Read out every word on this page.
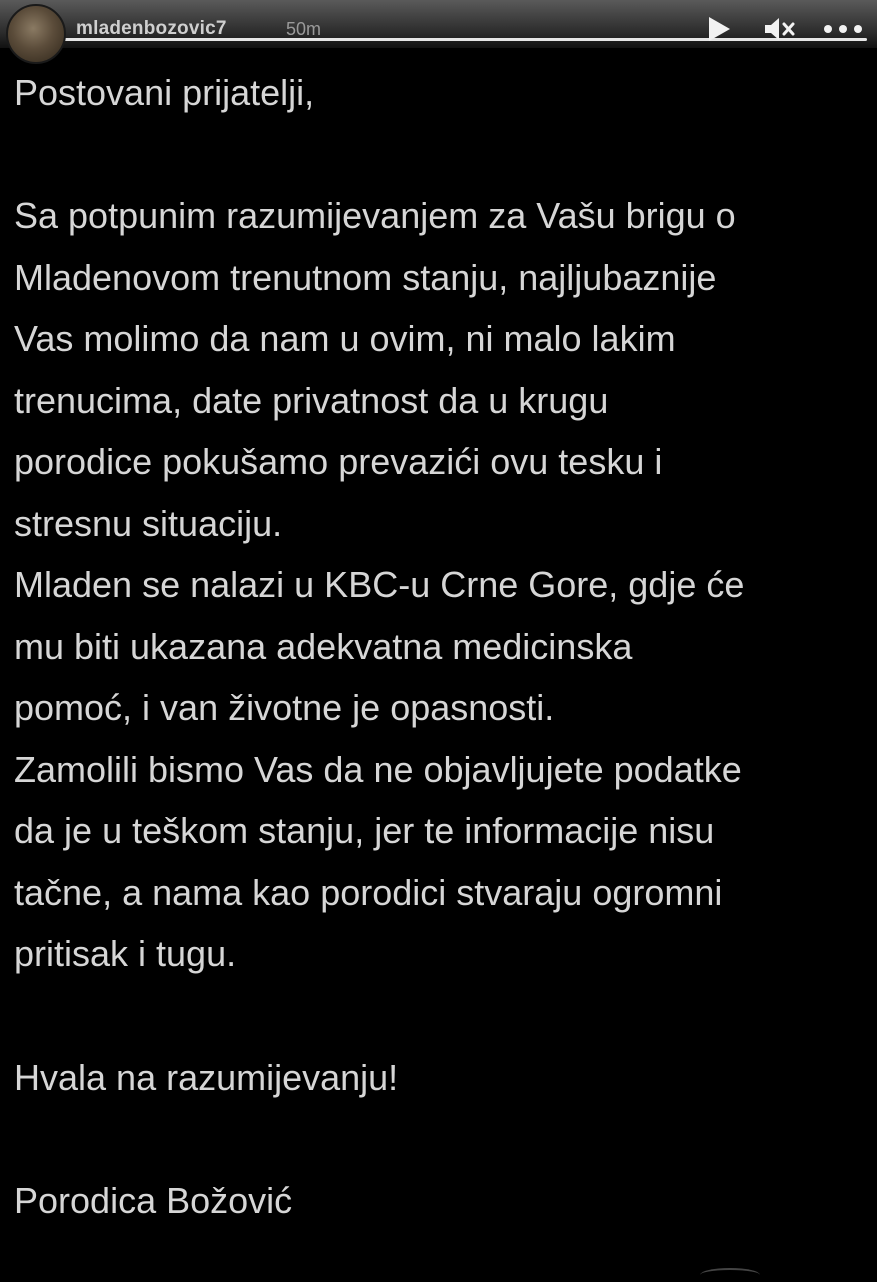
mladenbozovic7	50m
Postovani prijatelji,
Sa potpunim razumijevanjem za Vašu brigu o
Mladenovom trenutnom stanju, najljubaznije
Vas molimo da nam u ovim, ni malo lakim
trenucima, date privatnost da u krugu
porodice pokušamo prevazići ovu tesku i
stresnu situaciju.
Mladen se nalazi u KBC-u Crne Gore, gdje će
mu biti ukazana adekvatna medicinska
pomoć, i van životne je opasnosti.
Zamolili bismo Vas da ne objavljujete podatke
da je u teškom stanju, jer te informacije nisu
tačne, a nama kao porodici stvaraju ogromni
pritisak i tugu.
Hvala na razumijevanju!
Porodica Božović
